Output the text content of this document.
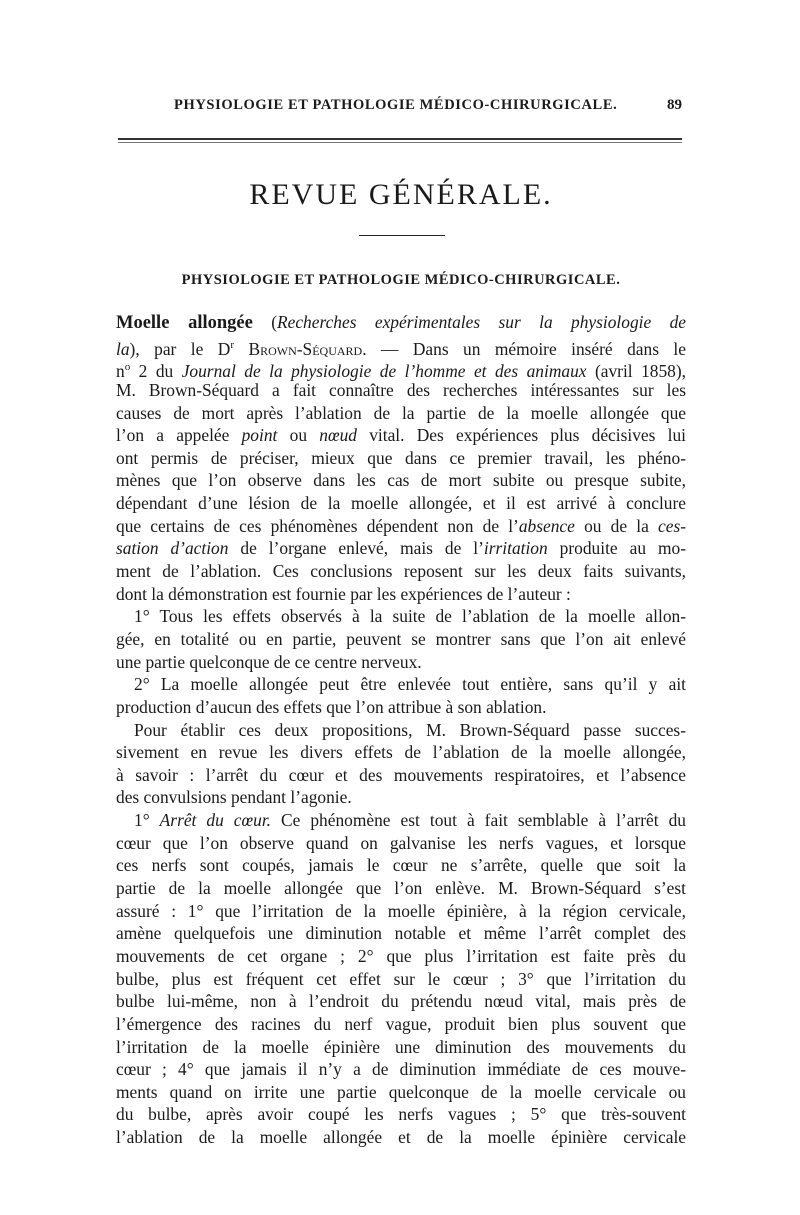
PHYSIOLOGIE ET PATHOLOGIE MÉDICO-CHIRURGICALE.	89
REVUE GÉNÉRALE.
PHYSIOLOGIE ET PATHOLOGIE MÉDICO-CHIRURGICALE.
Moelle allongée (Recherches expérimentales sur la physiologie de
la), par le $D^r$ Brown-Séquard. — Dans un mémoire inséré dans le
$n^o$ 2 du Journal de la physiologie de l’homme et des animaux (avril 1858),
M. Brown-Séquard a fait connaître des recherches intéressantes sur les
causes de mort après l’ablation de la partie de la moelle allongée que
l’on a appelée point ou nœud vital. Des expériences plus décisives lui
ont permis de préciser, mieux que dans ce premier travail, les phéno-
mènes que l’on observe dans les cas de mort subite ou presque subite,
dépendant d’une lésion de la moelle allongée, et il est arrivé à conclure
que certains de ces phénomènes dépendent non de l’absence ou de la ces-
sation d’action de l’organe enlevé, mais de l’irritation produite au mo-
ment de l’ablation. Ces conclusions reposent sur les deux faits suivants,
dont la démonstration est fournie par les expériences de l’auteur :
1° Tous les effets observés à la suite de l’ablation de la moelle allon-
gée, en totalité ou en partie, peuvent se montrer sans que l’on ait enlevé
une partie quelconque de ce centre nerveux.
2° La moelle allongée peut être enlevée tout entière, sans qu’il y ait
production d’aucun des effets que l’on attribue à son ablation.
Pour établir ces deux propositions, M. Brown-Séquard passe succes-
sivement en revue les divers effets de l’ablation de la moelle allongée,
à savoir : l’arrêt du cœur et des mouvements respiratoires, et l’absence
des convulsions pendant l’agonie.
1° Arrêt du cœur. Ce phénomène est tout à fait semblable à l’arrêt du
cœur que l’on observe quand on galvanise les nerfs vagues, et lorsque
ces nerfs sont coupés, jamais le cœur ne s’arrête, quelle que soit la
partie de la moelle allongée que l’on enlève. M. Brown-Séquard s’est
assuré : 1° que l’irritation de la moelle épinière, à la région cervicale,
amène quelquefois une diminution notable et même l’arrêt complet des
mouvements de cet organe ; 2° que plus l’irritation est faite près du
bulbe, plus est fréquent cet effet sur le cœur ; 3° que l’irritation du
bulbe lui-même, non à l’endroit du prétendu nœud vital, mais près de
l’émergence des racines du nerf vague, produit bien plus souvent que
l’irritation de la moelle épinière une diminution des mouvements du
cœur ; 4° que jamais il n’y a de diminution immédiate de ces mouve-
ments quand on irrite une partie quelconque de la moelle cervicale ou
du bulbe, après avoir coupé les nerfs vagues ; 5° que très-souvent
l’ablation de la moelle allongée et de la moelle épinière cervicale
